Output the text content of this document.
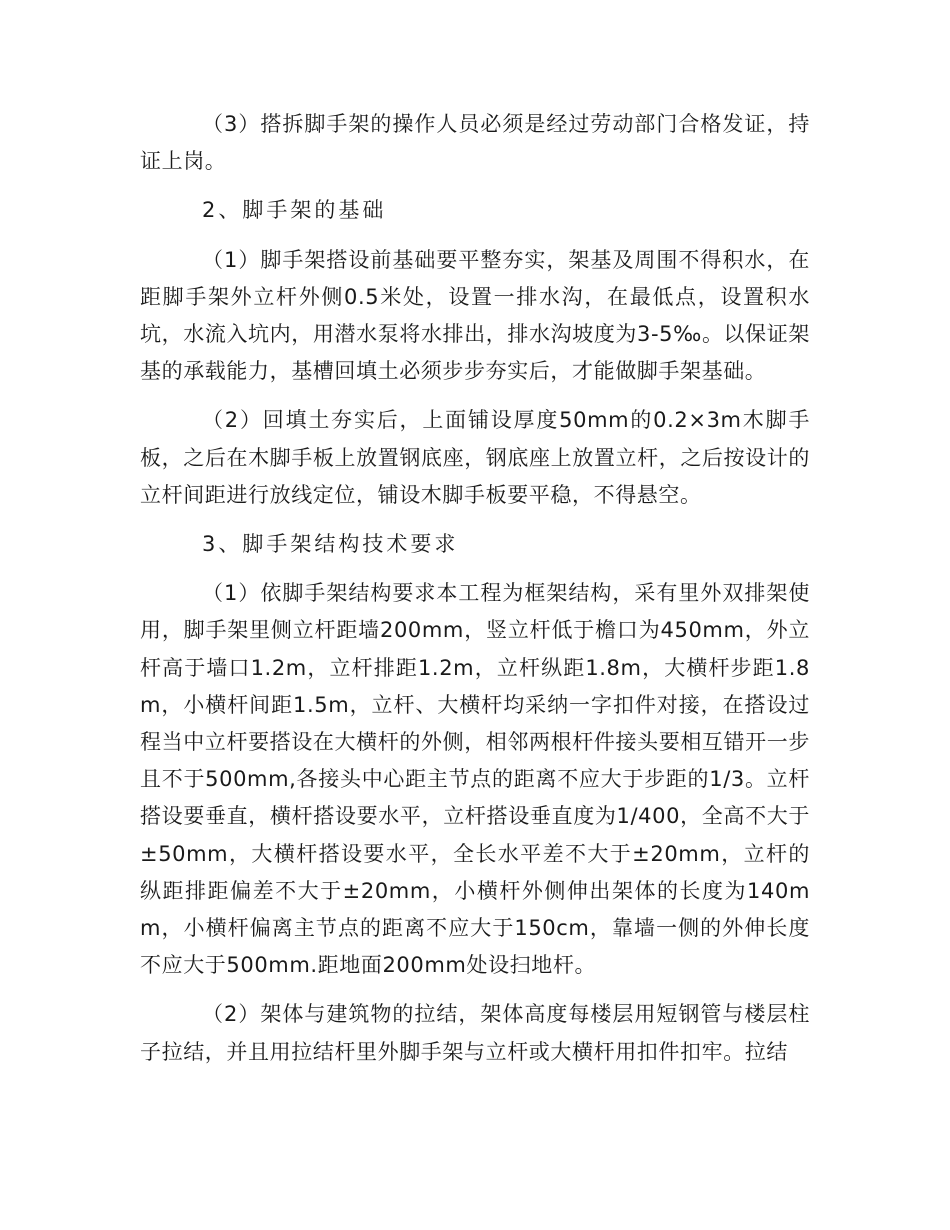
（3）搭拆脚手架的操作人员必须是经过劳动部门合格发证，持证上岗。

2、脚手架的基础

（1）脚手架搭设前基础要平整夯实，架基及周围不得积水，在距脚手架外立杆外侧0.5米处，设置一排水沟，在最低点，设置积水坑，水流入坑内，用潜水泵将水排出，排水沟坡度为3-5‰。以保证架基的承载能力，基槽回填土必须步步夯实后，才能做脚手架基础。

（2）回填土夯实后，上面铺设厚度50mm的0.2×3m木脚手板，之后在木脚手板上放置钢底座，钢底座上放置立杆，之后按设计的立杆间距进行放线定位，铺设木脚手板要平稳，不得悬空。

3、脚手架结构技术要求

（1）依脚手架结构要求本工程为框架结构，采有里外双排架使用，脚手架里侧立杆距墙200mm，竖立杆低于檐口为450mm，外立杆高于墙口1.2m，立杆排距1.2m，立杆纵距1.8m，大横杆步距1.8m，小横杆间距1.5m，立杆、大横杆均采纳一字扣件对接，在搭设过程当中立杆要搭设在大横杆的外侧，相邻两根杆件接头要相互错开一步且不于500mm,各接头中心距主节点的距离不应大于步距的1/3。立杆搭设要垂直，横杆搭设要水平，立杆搭设垂直度为1/400，全高不大于±50mm，大横杆搭设要水平，全长水平差不大于±20mm，立杆的纵距排距偏差不大于±20mm，小横杆外侧伸出架体的长度为140mm，小横杆偏离主节点的距离不应大于150cm，靠墙一侧的外伸长度不应大于500mm.距地面200mm处设扫地杆。

（2）架体与建筑物的拉结，架体高度每楼层用短钢管与楼层柱子拉结，并且用拉结杆里外脚手架与立杆或大横杆用扣件扣牢。拉结
